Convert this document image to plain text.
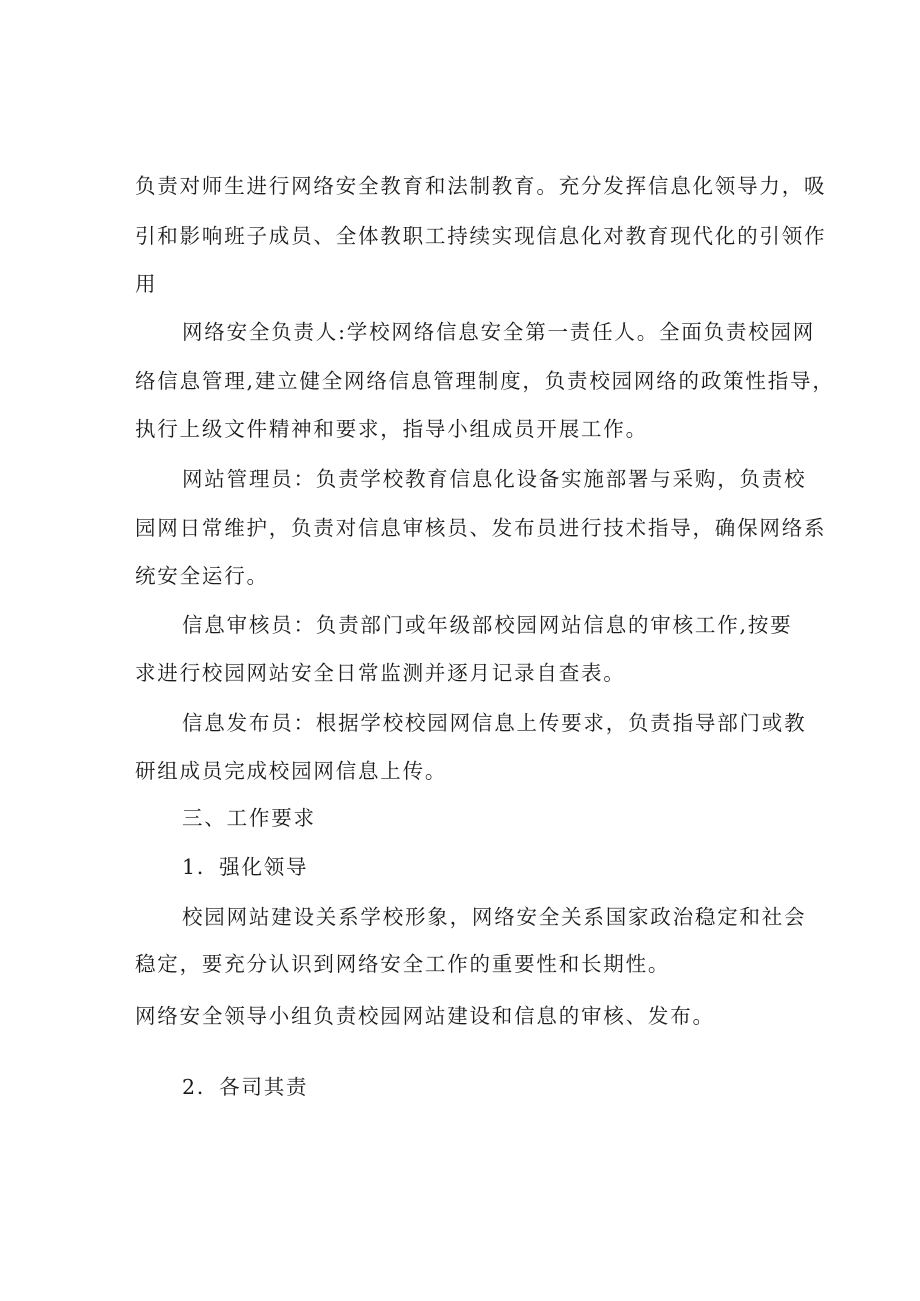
负责对师生进行网络安全教育和法制教育。充分发挥信息化领导力，吸
引和影响班子成员、全体教职工持续实现信息化对教育现代化的引领作
用
网络安全负责人:学校网络信息安全第一责任人。全面负责校园网
络信息管理,建立健全网络信息管理制度，负责校园网络的政策性指导，
执行上级文件精神和要求，指导小组成员开展工作。
网站管理员：负责学校教育信息化设备实施部署与采购，负责校
园网日常维护，负责对信息审核员、发布员进行技术指导，确保网络系
统安全运行。
信息审核员：负责部门或年级部校园网站信息的审核工作,按要
求进行校园网站安全日常监测并逐月记录自查表。
信息发布员：根据学校校园网信息上传要求，负责指导部门或教
研组成员完成校园网信息上传。
三、工作要求
1．强化领导
校园网站建设关系学校形象，网络安全关系国家政治稳定和社会
稳定，要充分认识到网络安全工作的重要性和长期性。
网络安全领导小组负责校园网站建设和信息的审核、发布。
2．各司其责
